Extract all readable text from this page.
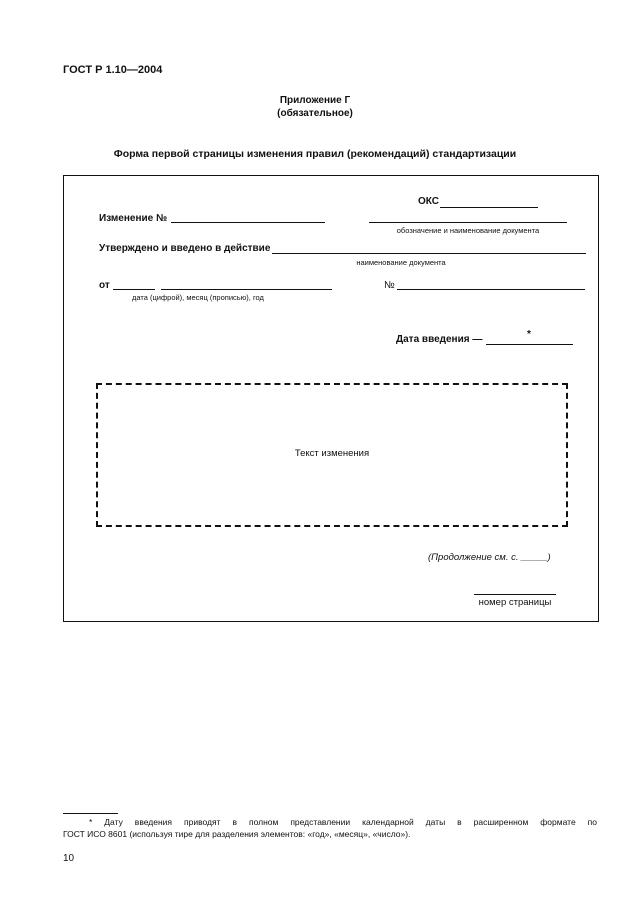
ГОСТ Р 1.10—2004
Приложение Г
(обязательное)
Форма первой страницы изменения правил (рекомендаций) стандартизации
ОКС
Изменение №
обозначение и наименование документа
Утверждено и введено в действие
наименование документа
от
дата (цифрой), месяц (прописью), год
№
Дата введения —	*
Текст изменения
(Продолжение см. с. _____)
номер страницы
* Дату введения приводят в полном представлении календарной даты в расширенном формате по
ГОСТ ИСО 8601 (используя тире для разделения элементов: «год», «месяц», «число»).
10
